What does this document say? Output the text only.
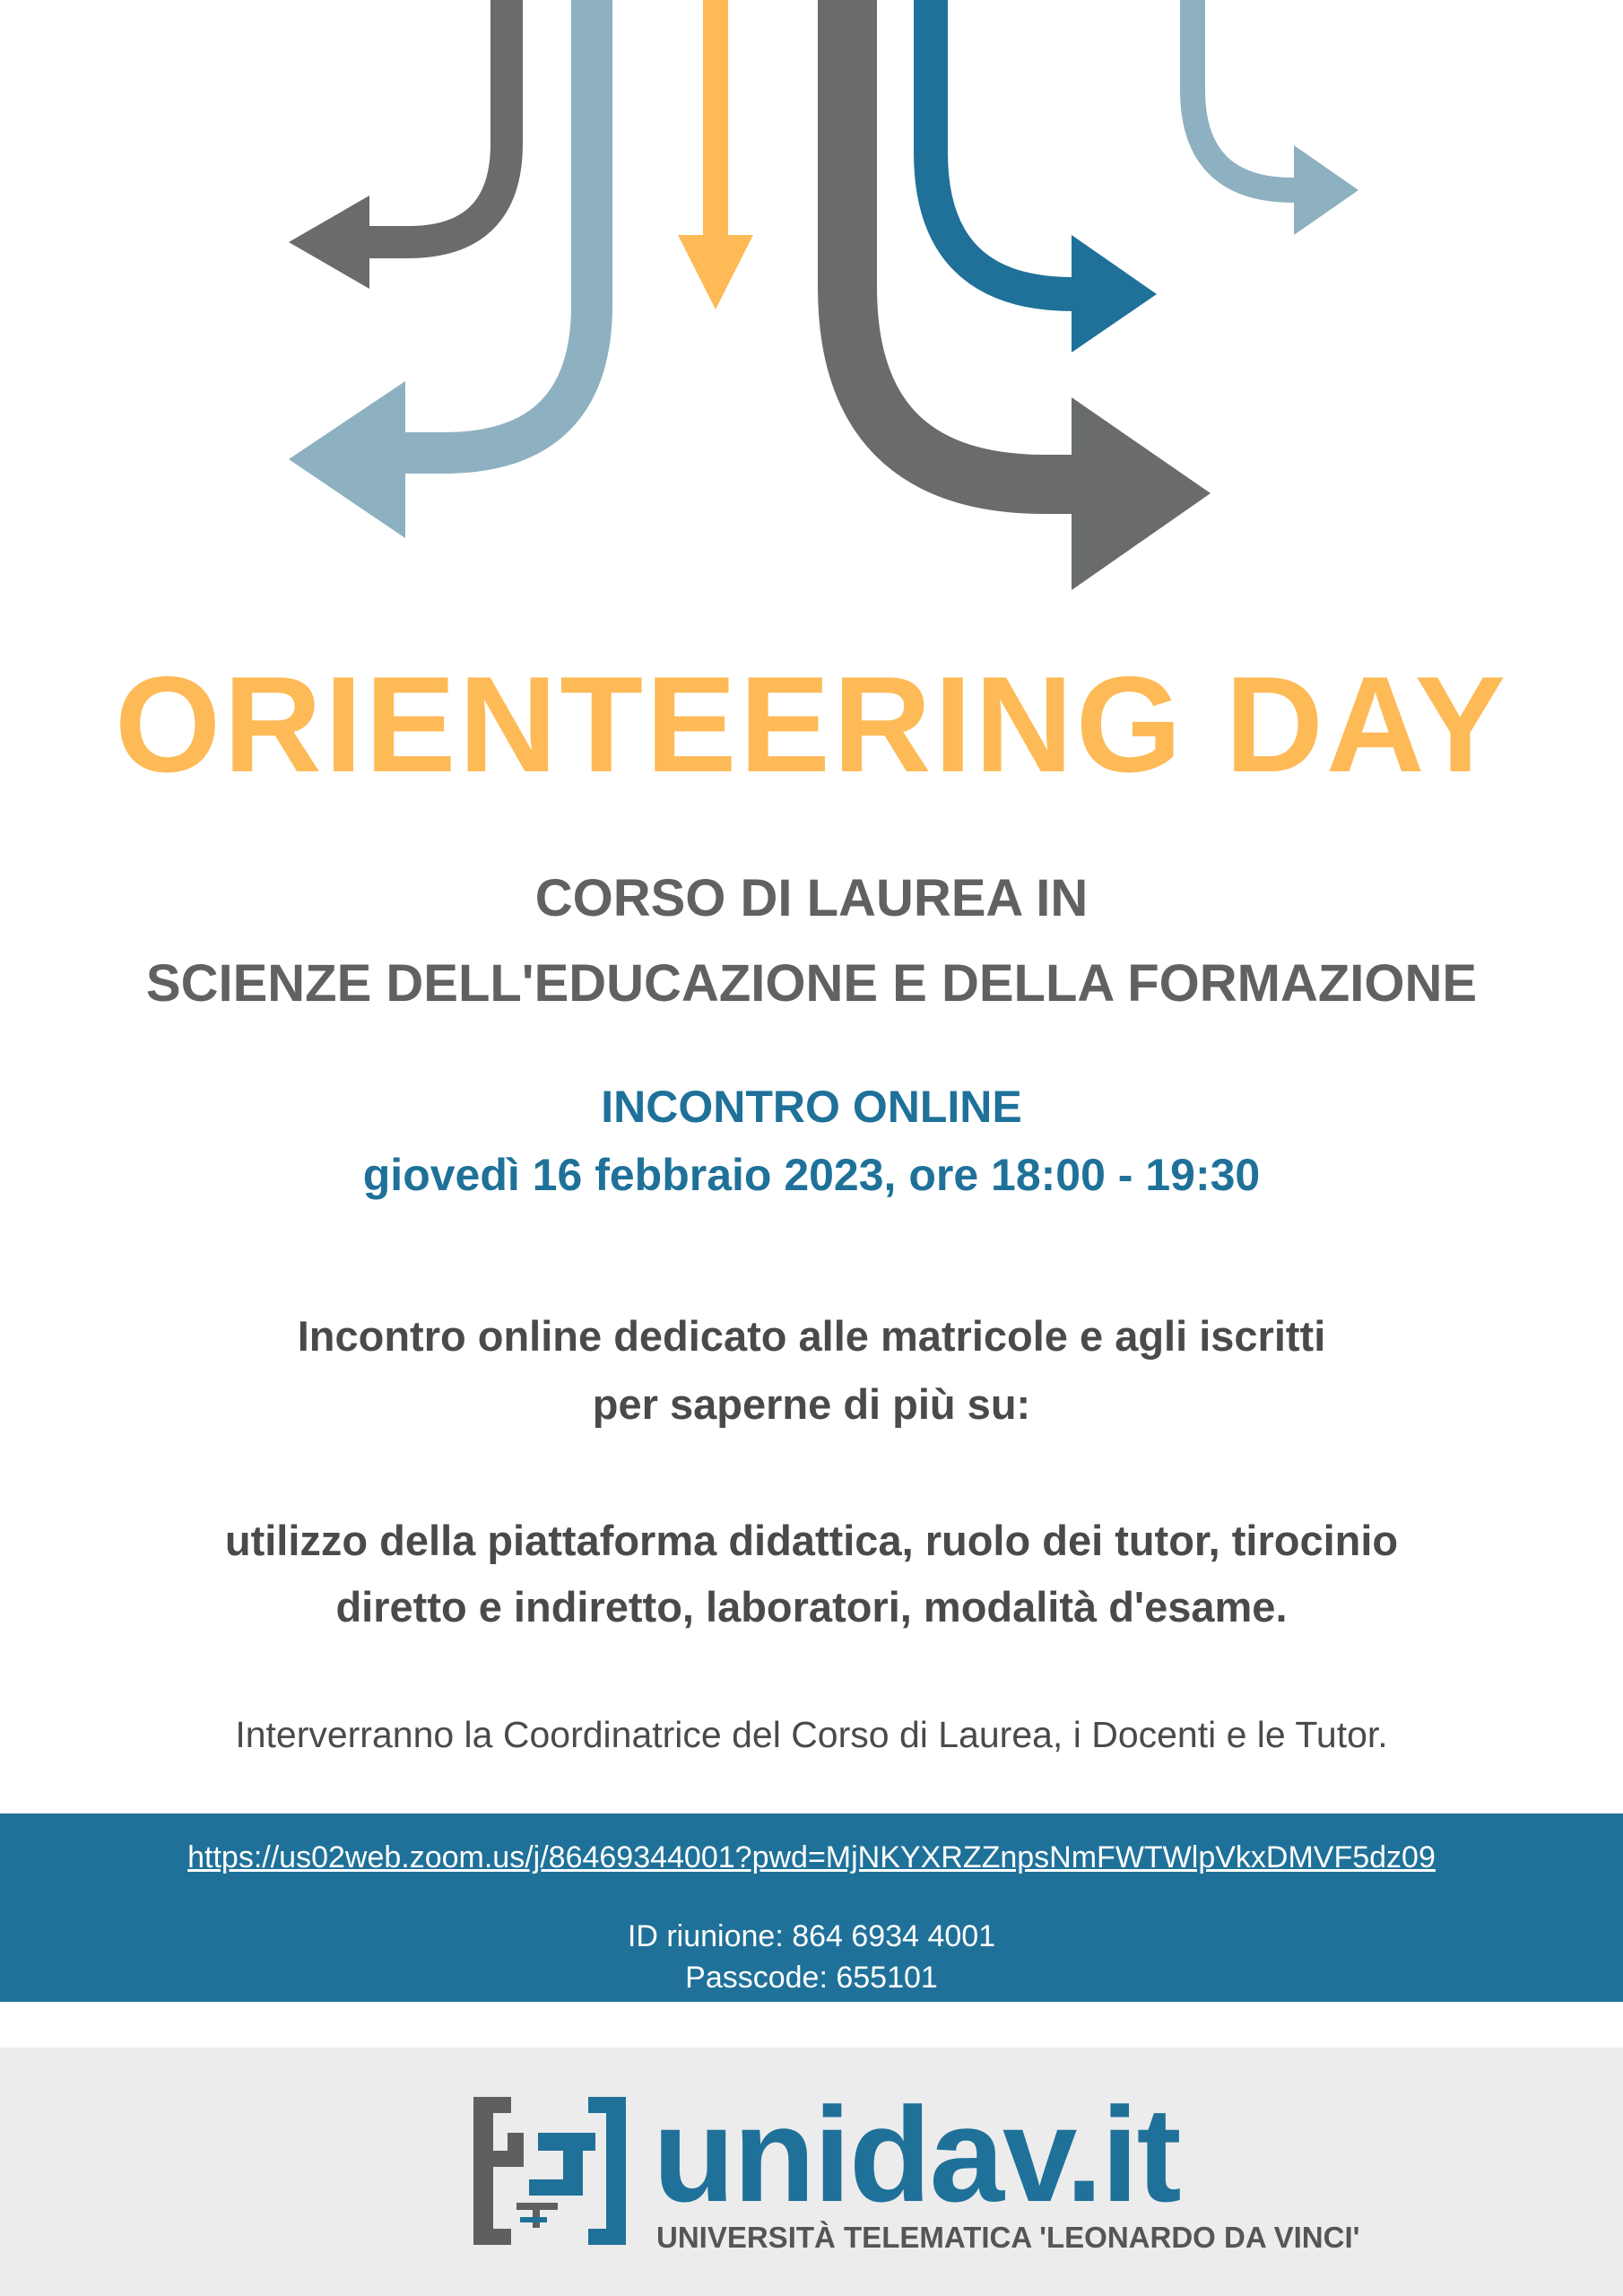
ORIENTEERING DAY

CORSO DI LAUREA IN

SCIENZE DELL'EDUCAZIONE E DELLA FORMAZIONE

INCONTRO ONLINE

giovedì 16 febbraio 2023, ore 18:00 - 19:30

Incontro online dedicato alle matricole e agli iscritti

per saperne di più su:

utilizzo della piattaforma didattica, ruolo dei tutor, tirocinio

diretto e indiretto, laboratori, modalità d'esame.

Interverranno la Coordinatrice del Corso di Laurea, i Docenti e le Tutor.

https://us02web.zoom.us/j/86469344001?pwd=MjNKYXRZZnpsNmFWTWlpVkxDMVF5dz09
ID riunione: 864 6934 4001
Passcode: 655101
unidav.it
UNIVERSITÀ TELEMATICA 'LEONARDO DA VINCI'
